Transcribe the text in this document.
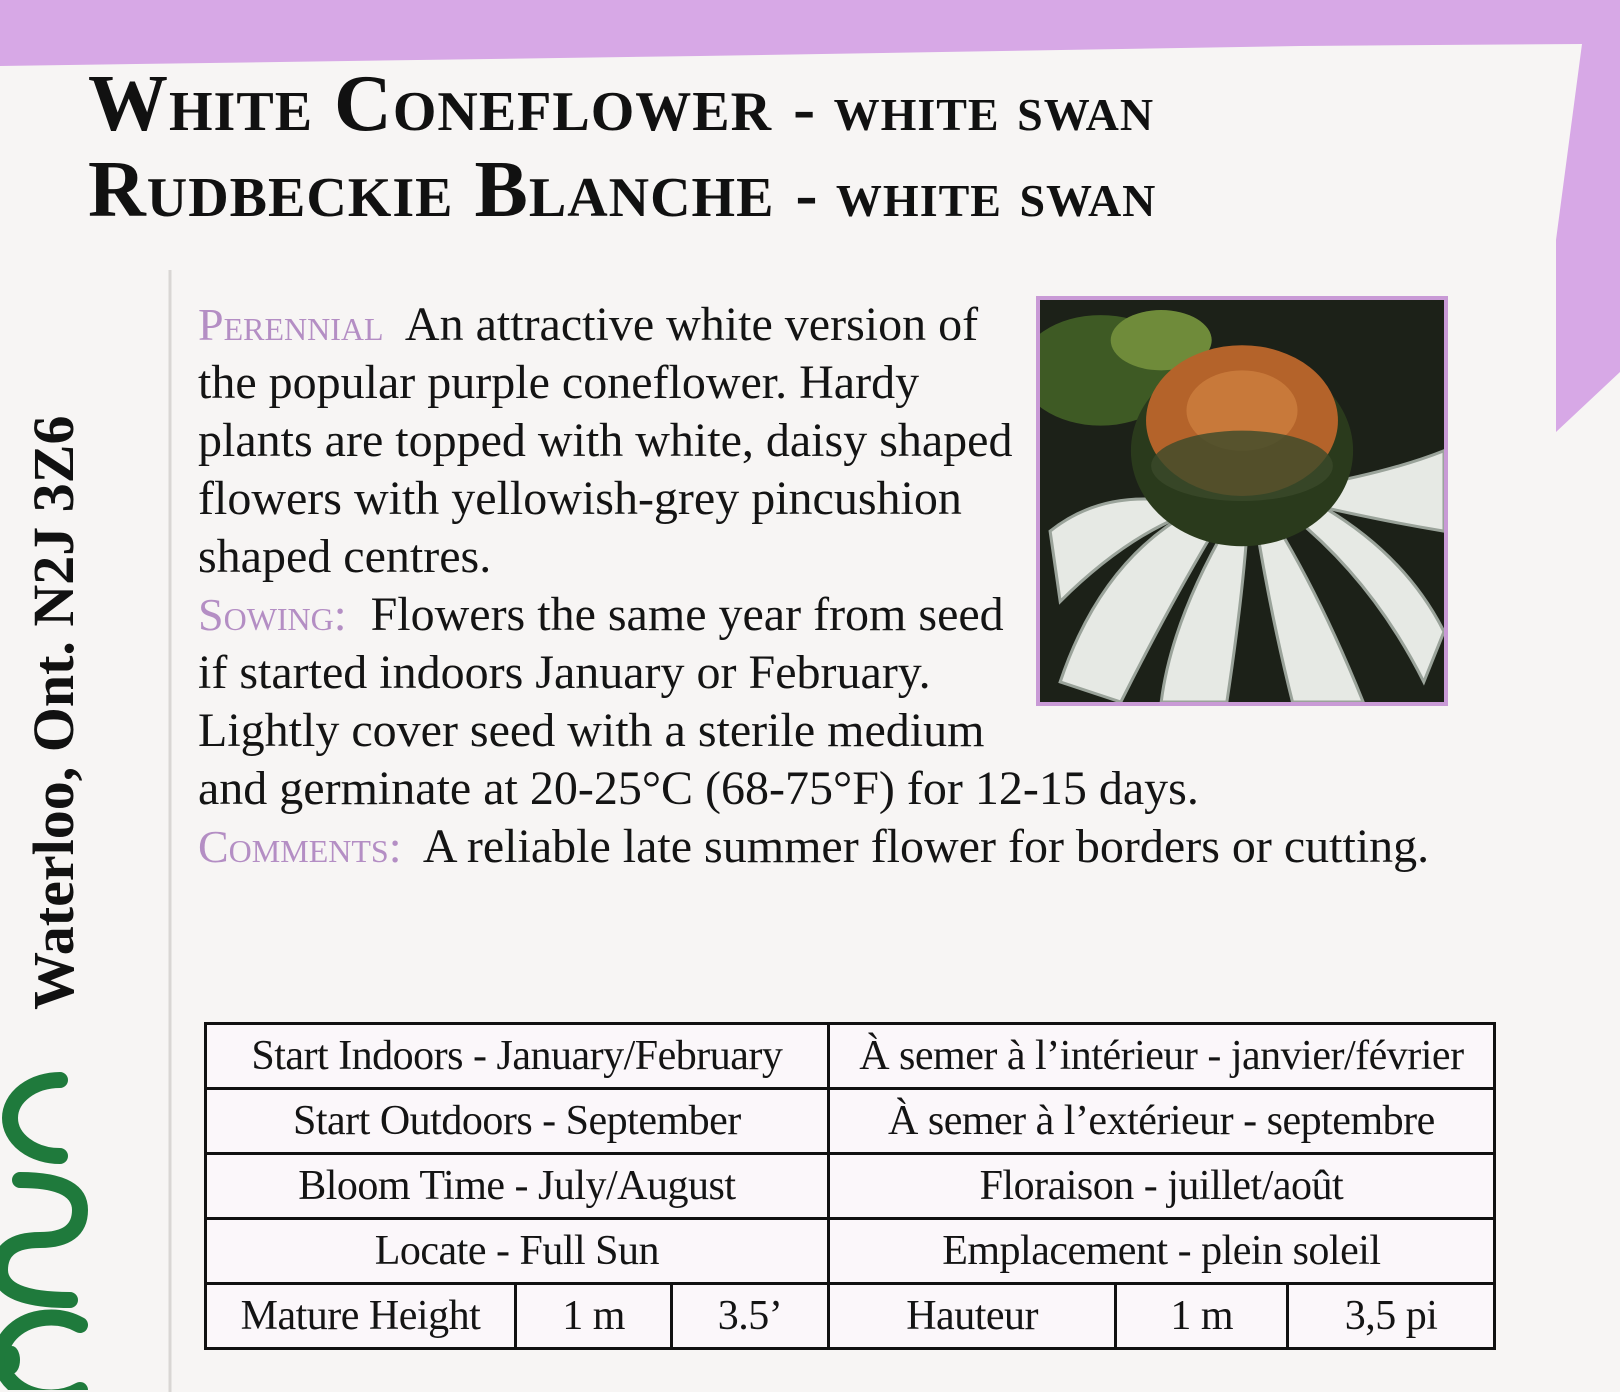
White Coneflower - white swan
Rudbeckie Blanche - white swan
Waterloo, Ont. N2J 3Z6
Perennial An attractive white version of the popular purple coneflower. Hardy plants are topped with white, daisy shaped flowers with yellowish-grey pincushion shaped centres.
Sowing: Flowers the same year from seed if started indoors January or February. Lightly cover seed with a sterile medium and germinate at 20-25°C (68-75°F) for 12-15 days.
Comments: A reliable late summer flower for borders or cutting.
Start Indoors - January/February			À semer à l’intérieur - janvier/février		
Start Outdoors - September			À semer à l’extérieur - septembre		
Bloom Time - July/August			Floraison - juillet/août		
Locate - Full Sun			Emplacement - plein soleil		
Mature Height	1 m	3.5’	Hauteur	1 m	3,5 pi
